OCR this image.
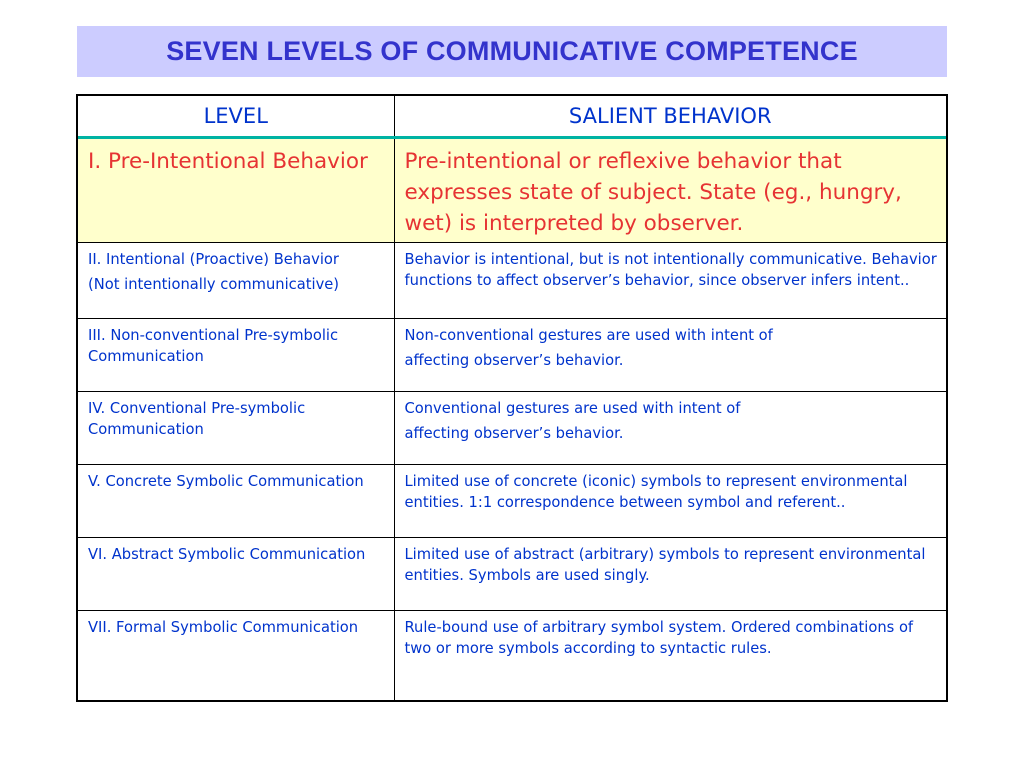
SEVEN LEVELS OF COMMUNICATIVE COMPETENCE
LEVEL	SALIENT BEHAVIOR
I. Pre-Intentional Behavior	Pre-intentional or reflexive behavior that expresses state of subject. State (eg., hungry, wet) is interpreted by observer.

II. Intentional (Proactive) Behavior
(Not intentionally communicative)	Behavior is intentional, but is not intentionally communicative. Behavior functions to affect observer’s behavior, since observer infers intent..
III. Non-conventional Pre-symbolic Communication	Non-conventional gestures are used with intent of
affecting observer’s behavior.

IV. Conventional Pre-symbolic Communication	Conventional gestures are used with intent of
affecting observer’s behavior.

V. Concrete Symbolic Communication	Limited use of concrete (iconic) symbols to represent environmental entities. 1:1 correspondence between symbol and referent..
VI. Abstract Symbolic Communication	Limited use of abstract (arbitrary) symbols to represent environmental entities. Symbols are used singly.
VII. Formal Symbolic Communication	Rule-bound use of arbitrary symbol system. Ordered combinations of two or more symbols according to syntactic rules.
